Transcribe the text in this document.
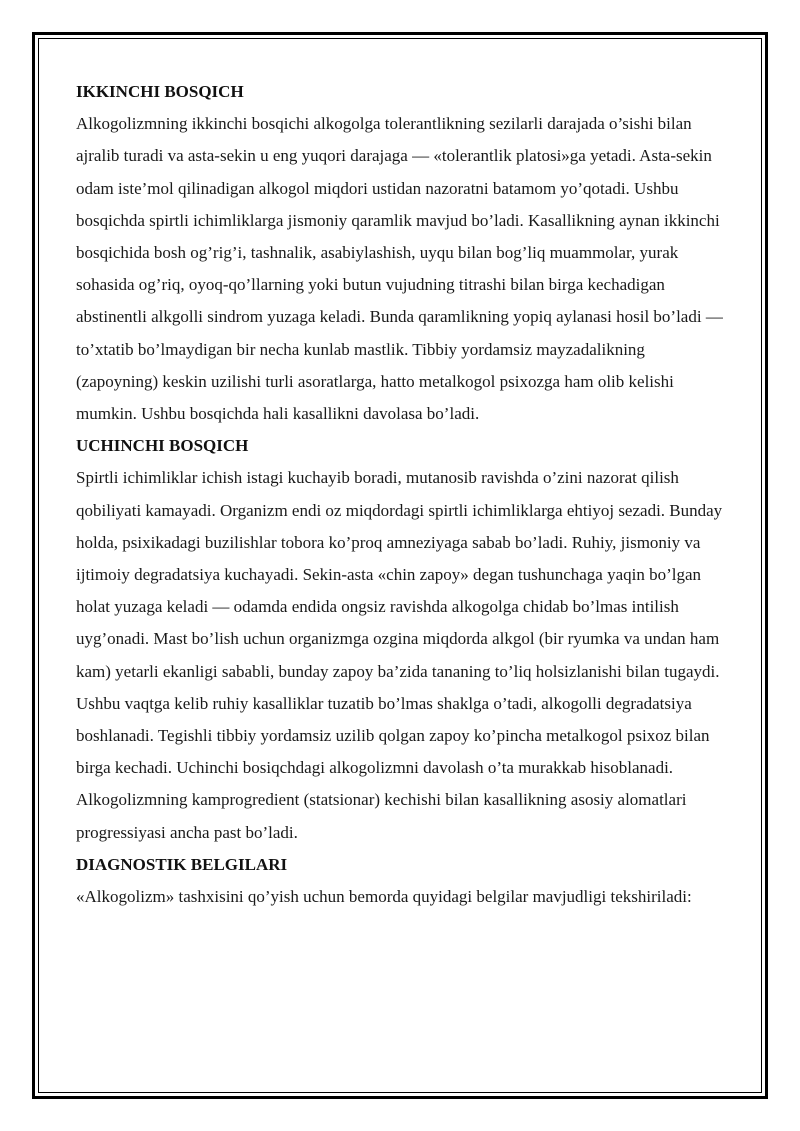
IKKINCHI BOSQICH

Alkogolizmning ikkinchi bosqichi alkogolga tolerantlikning sezilarli darajada o’sishi bilan ajralib turadi va asta-sekin u eng yuqori darajaga — «tolerantlik platosi»ga yetadi. Asta-sekin odam iste’mol qilinadigan alkogol miqdori ustidan nazoratni batamom yo’qotadi. Ushbu bosqichda spirtli ichimliklarga jismoniy qaramlik mavjud bo’ladi. Kasallikning aynan ikkinchi bosqichida bosh og’rig’i, tashnalik, asabiylashish, uyqu bilan bog’liq muammolar, yurak sohasida og’riq, oyoq-qo’llarning yoki butun vujudning titrashi bilan birga kechadigan abstinentli alkgolli sindrom yuzaga keladi. Bunda qaramlikning yopiq aylanasi hosil bo’ladi — to’xtatib bo’lmaydigan bir necha kunlab mastlik. Tibbiy yordamsiz mayzadalikning (zapoyning) keskin uzilishi turli asoratlarga, hatto metalkogol psixozga ham olib kelishi mumkin. Ushbu bosqichda hali kasallikni davolasa bo’ladi.

UCHINCHI BOSQICH

Spirtli ichimliklar ichish istagi kuchayib boradi, mutanosib ravishda o’zini nazorat qilish qobiliyati kamayadi. Organizm endi oz miqdordagi spirtli ichimliklarga ehtiyoj sezadi. Bunday holda, psixikadagi buzilishlar tobora ko’proq amneziyaga sabab bo’ladi. Ruhiy, jismoniy va ijtimoiy degradatsiya kuchayadi. Sekin-asta «chin zapoy» degan tushunchaga yaqin bo’lgan holat yuzaga keladi — odamda endida ongsiz ravishda alkogolga chidab bo’lmas intilish uyg’onadi. Mast bo’lish uchun organizmga ozgina miqdorda alkgol (bir ryumka va undan ham kam) yetarli ekanligi sababli, bunday zapoy ba’zida tananing to’liq holsizlanishi bilan tugaydi. Ushbu vaqtga kelib ruhiy kasalliklar tuzatib bo’lmas shaklga o’tadi, alkogolli degradatsiya boshlanadi. Tegishli tibbiy yordamsiz uzilib qolgan zapoy ko’pincha metalkogol psixoz bilan birga kechadi. Uchinchi bosiqchdagi alkogolizmni davolash o’ta murakkab hisoblanadi.

Alkogolizmning kamprogredient (statsionar) kechishi bilan kasallikning asosiy alomatlari progressiyasi ancha past bo’ladi.

DIAGNOSTIK BELGILARI

«Alkogolizm» tashxisini qo’yish uchun bemorda quyidagi belgilar mavjudligi tekshiriladi:
